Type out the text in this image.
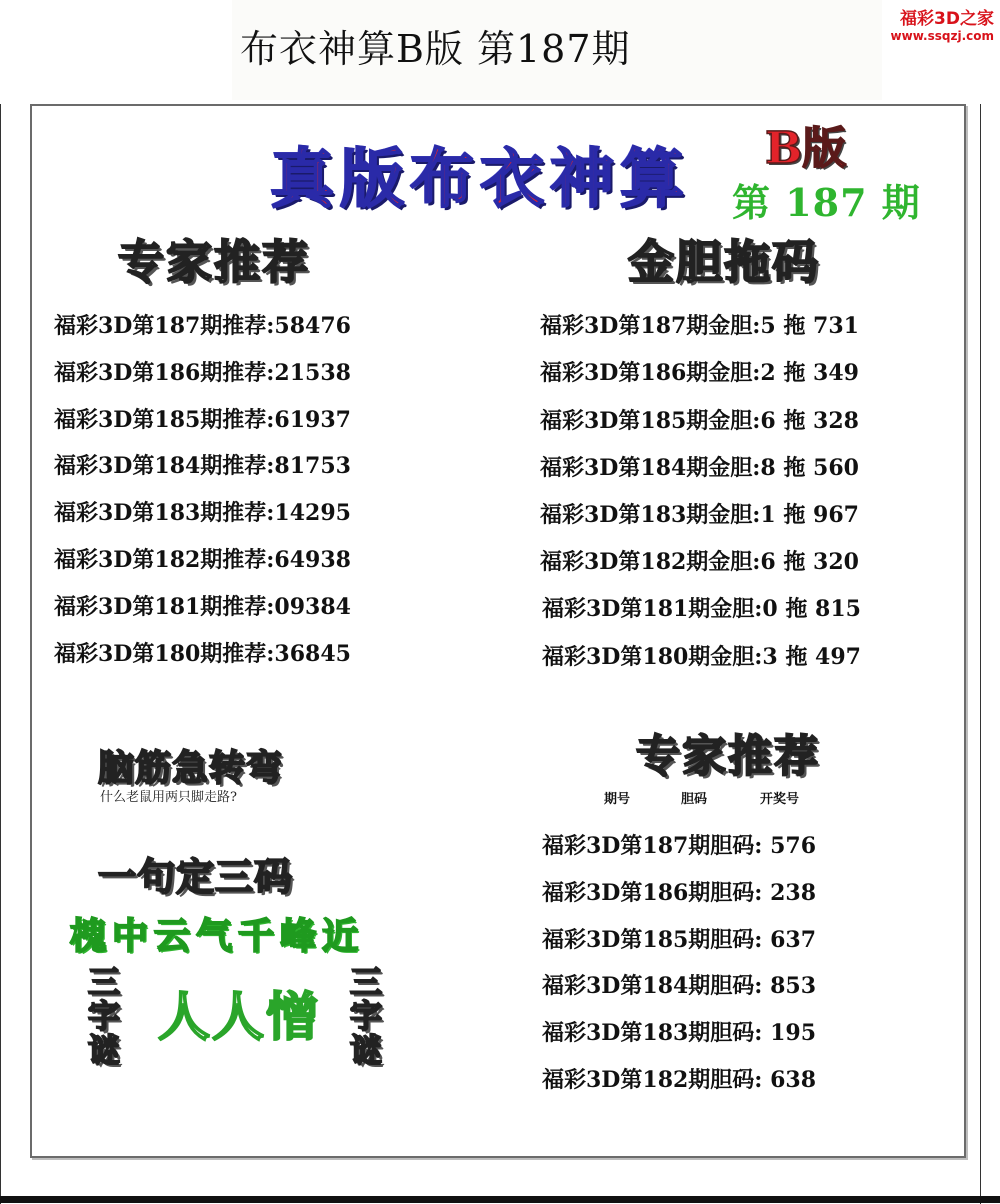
布衣神算B版 第187期
福彩3D之家
www.ssqzj.com
真版布衣神算 B版
第 187 期
专家推荐	金胆拖码
福彩3D第187期推荐:58476
福彩3D第186期推荐:21538
福彩3D第185期推荐:61937
福彩3D第184期推荐:81753
福彩3D第183期推荐:14295
福彩3D第182期推荐:64938
福彩3D第181期推荐:09384
福彩3D第180期推荐:36845
福彩3D第187期金胆:5 拖 731
福彩3D第186期金胆:2 拖 349
福彩3D第185期金胆:6 拖 328
福彩3D第184期金胆:8 拖 560
福彩3D第183期金胆:1 拖 967
福彩3D第182期金胆:6 拖 320
福彩3D第181期金胆:0 拖 815
福彩3D第180期金胆:3 拖 497
脑筋急转弯
什么老鼠用两只脚走路?
一句定三码
槐中云气千峰近
三字谜
人人憎
三字谜
专家推荐
期号	胆码	开奖号
福彩3D第187期胆码: 576
福彩3D第186期胆码: 238
福彩3D第185期胆码: 637
福彩3D第184期胆码: 853
福彩3D第183期胆码: 195
福彩3D第182期胆码: 638
